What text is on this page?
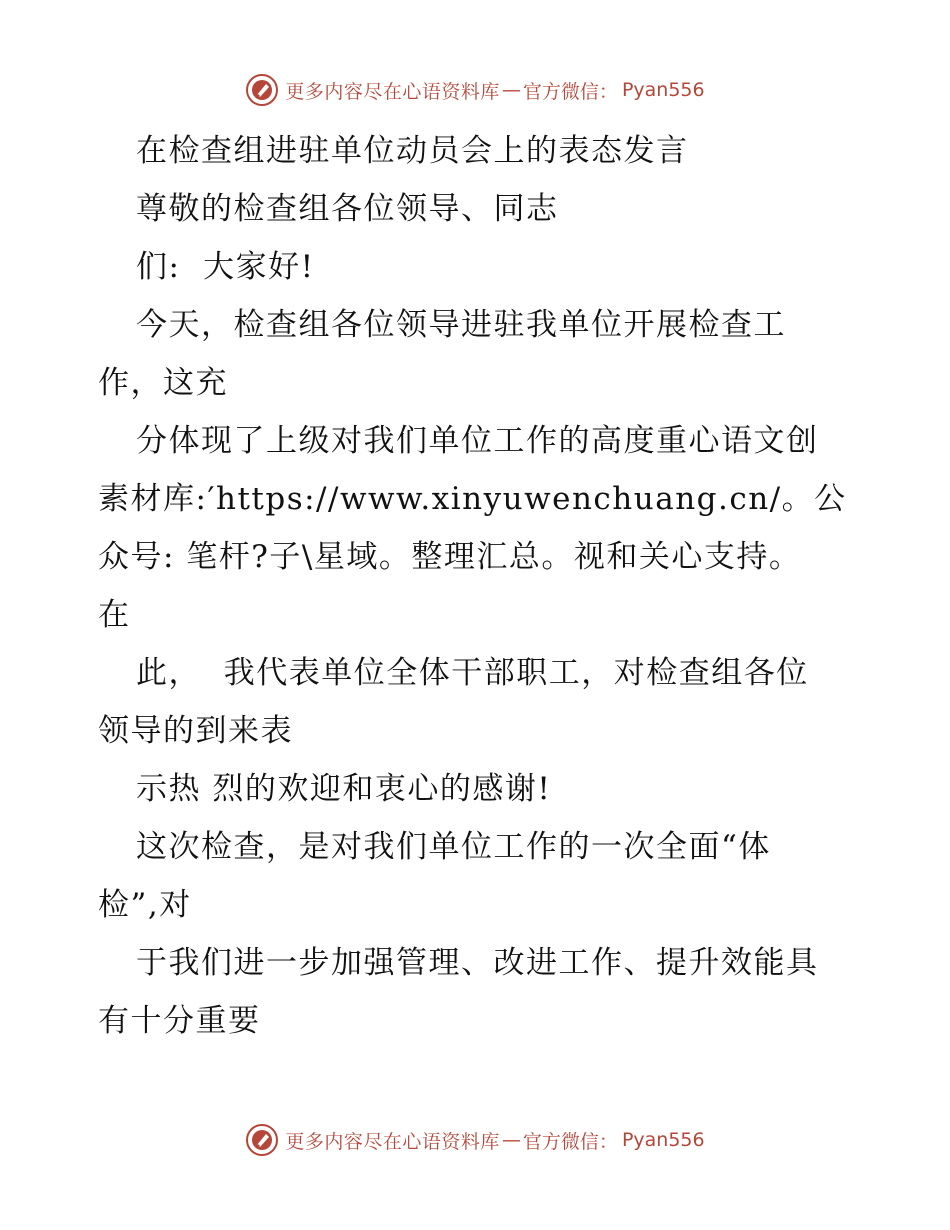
更多内容尽在心语资料库 — 官方微信： Pyan556
在检查组进驻单位动员会上的表态发言
尊敬的检查组各位领导、同志
们:  大家好!
今天，检查组各位领导进驻我单位开展检查工
作，这充
分体现了上级对我们单位工作的高度重心语文创
素材库:′https://www.xinyuwenchuang.cn/。公
众号: 笔杆?子\星域。整理汇总。视和关心支持。
在
此，  我代表单位全体干部职工，对检查组各位
领导的到来表
示热 烈的欢迎和衷心的感谢!
这次检查，是对我们单位工作的一次全面“体
检”,对
于我们进一步加强管理、改进工作、提升效能具
有十分重要
更多内容尽在心语资料库 — 官方微信： Pyan556
